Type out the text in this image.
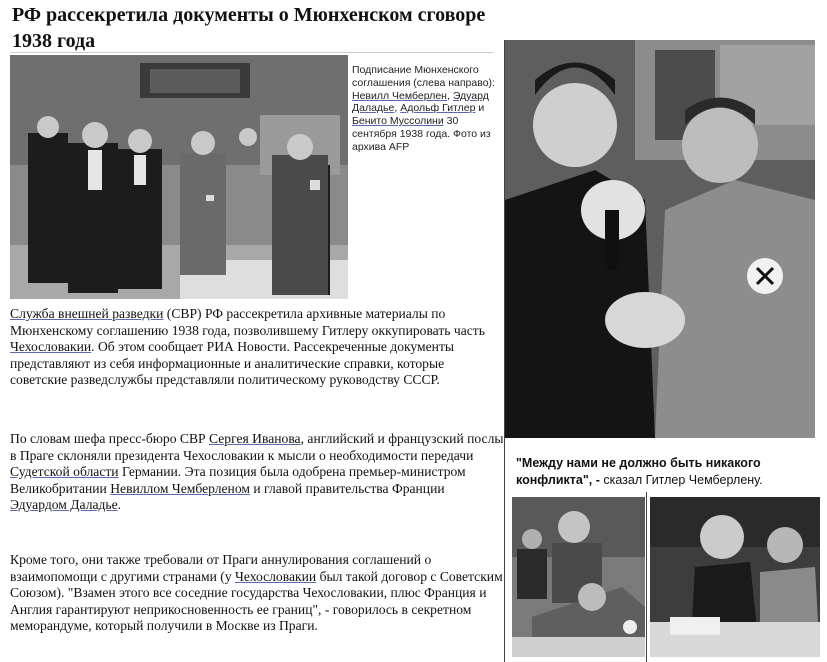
РФ рассекретила документы о Мюнхенском сговоре 1938 года
Подписание Мюнхенского соглашения (слева направо): Невилл Чемберлен, Эдуард Даладье, Адольф Гитлер и Бенито Муссолини 30 сентября 1938 года. Фото из архива AFP
Служба внешней разведки (СВР) РФ рассекретила архивные материалы по Мюнхенскому соглашению 1938 года, позволившему Гитлеру оккупировать часть Чехословакии. Об этом сообщает РИА Новости. Рассекреченные документы представляют из себя информационные и аналитические справки, которые советские разведслужбы представляли политическому руководству СССР.
По словам шефа пресс-бюро СВР Сергея Иванова, английский и французский послы в Праге склоняли президента Чехословакии к мысли о необходимости передачи Судетской области Германии. Эта позиция была одобрена премьер-министром Великобритании Невиллом Чемберленом и главой правительства Франции Эдуардом Даладье.
Кроме того, они также требовали от Праги аннулирования соглашений о взаимопомощи с другими странами (у Чехословакии был такой договор с Советским Союзом). "Взамен этого все соседние государства Чехословакии, плюс Франция и Англия гарантируют неприкосновенность ее границ", - говорилось в секретном меморандуме, который получили в Москве из Праги.
"Между нами не должно быть никакого конфликта", - сказал Гитлер Чемберлену.
